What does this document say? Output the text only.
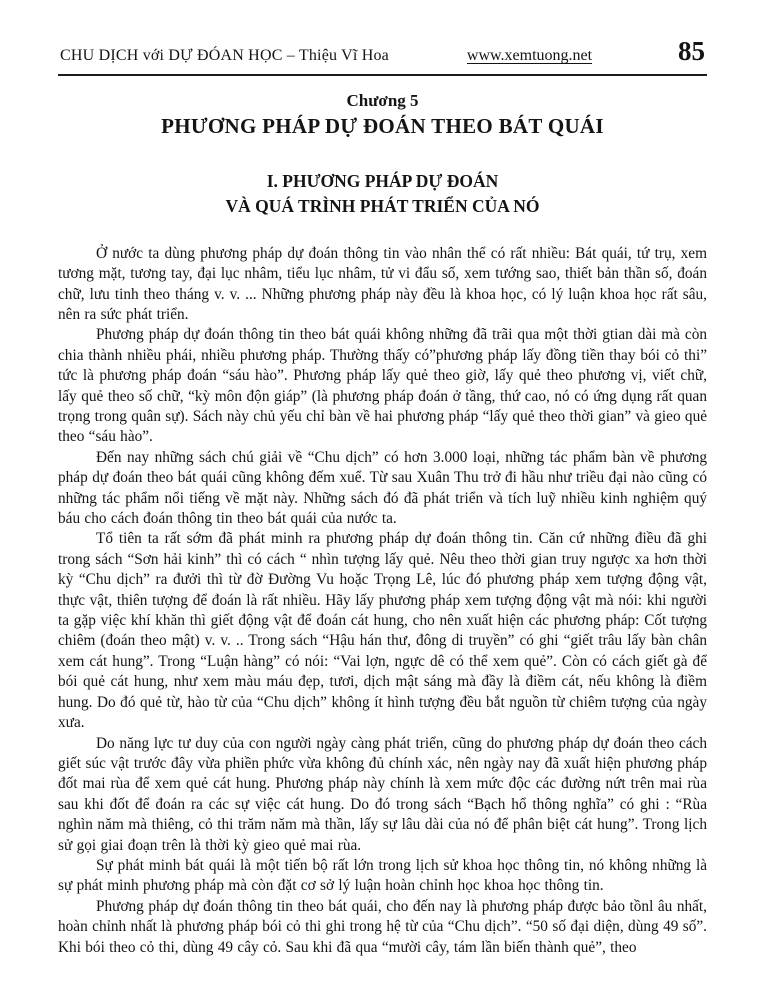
CHU DỊCH với DỰ ĐÓAN HỌC – Thiệu Vĩ Hoa	www.xemtuong.net	85
Chương 5
PHƯƠNG PHÁP DỰ ĐOÁN THEO BÁT QUÁI
I. PHƯƠNG PHÁP DỰ ĐOÁN
VÀ QUÁ TRÌNH PHÁT TRIỂN CỦA NÓ

Ở nước ta dùng phương pháp dự đoán thông tin vào nhân thể có rất nhiều: Bát quái, tứ trụ, xem tương mặt, tương tay, đại lục nhâm, tiểu lục nhâm, tử vi đẩu số, xem tướng sao, thiết bản thần số, đoán chữ, lưu tinh theo tháng v. v. ... Những phương pháp này đều là khoa học, có lý luận khoa học rất sâu, nên ra sức phát triển.

Phương pháp dự đoán thông tin theo bát quái không những đã trãi qua một thời gtian dài mà còn chia thành nhiều phái, nhiều phương pháp. Thường thấy có”phương pháp lấy đồng tiền thay bói cỏ thi” tức là phương pháp đoán “sáu hào”. Phương pháp lấy quẻ theo giờ, lấy quẻ theo phương vị, viết chữ, lấy quẻ theo số chữ, “kỳ môn độn giáp” (là phương pháp đoán ở tầng, thứ cao, nó có ứng dụng rất quan trọng trong quân sự). Sách này chủ yếu chỉ bàn về hai phương pháp “lấy quẻ theo thời gian” và gieo quẻ theo “sáu hào”.

Đến nay những sách chú giải về “Chu dịch” có hơn 3.000 loại, những tác phẩm bàn về phương pháp dự đoán theo bát quái cũng không đếm xuể. Từ sau Xuân Thu trở đi hầu như triều đại nào cũng có những tác phẩm nổi tiếng về mặt này. Những sách đó đã phát triển và tích luỹ nhiều kinh nghiệm quý báu cho cách đoán thông tin theo bát quái của nước ta.

Tổ tiên ta rất sớm đã phát minh ra phương pháp dự đoán thông tin. Căn cứ những điều đã ghi trong sách “Sơn hải kinh” thì có cách “ nhìn tượng lấy quẻ. Nêu theo thời gian truy ngược xa hơn thời kỳ “Chu dịch” ra đưởi thì từ đờ Đường Vu hoặc Trọng Lê, lúc đó phương pháp xem tượng động vật, thực vật, thiên tượng để đoán là rất nhiều. Hãy lấy phương pháp xem tượng động vật mà nói: khi người ta gặp việc khí khăn thì giết động vật để đoán cát hung, cho nên xuất hiện các phương pháp: Cốt tượng chiêm (đoán theo mật) v. v. .. Trong sách “Hậu hán thư, đông di truyền” có ghi “giết trâu lấy bàn chân xem cát hung”. Trong “Luận hàng” có nói: “Vai lợn, ngực dê có thể xem quẻ”. Còn có cách giết gà để bói quẻ cát hung, như xem màu máu đẹp, tươi, dịch mật sáng mà đầy là điềm cát, nếu không là điềm hung. Do đó quẻ từ, hào từ của “Chu dịch” không ít hình tượng đều bắt nguồn từ chiêm tượng của ngày xưa.

Do năng lực tư duy của con người ngày càng phát triển, cũng do phương pháp dự đoán theo cách giết súc vật trước đây vừa phiền phức vừa không đủ chính xác, nên ngày nay đã xuất hiện phương pháp đốt mai rùa để xem quẻ cát hung. Phương pháp này chính là xem mức độc các đường nứt trên mai rùa sau khi đốt để đoán ra các sự việc cát hung. Do đó trong sách “Bạch hổ thông nghĩa” có ghi : “Rùa nghìn năm mà thiêng, cỏ thi trăm năm mà thần, lấy sự lâu dài của nó để phân biệt cát hung”. Trong lịch sử gọi giai đoạn trên là thời kỳ gieo quẻ mai rùa.

Sự phát minh bát quái là một tiến bộ rất lớn trong lịch sử khoa học thông tin, nó không những là sự phát minh phương pháp mà còn đặt cơ sở lý luận hoàn chỉnh học khoa học thông tin.

Phương pháp dự đoán thông tin theo bát quái, cho đến nay là phương pháp được bảo tồnl âu nhất, hoàn chỉnh nhất là phương pháp bói cỏ thi ghi trong hệ từ của “Chu dịch”. “50 số đại diện, dùng 49 số”. Khi bói theo cỏ thi, dùng 49 cây cỏ. Sau khi đã qua “mười cây, tám lần biến thành quẻ”, theo
